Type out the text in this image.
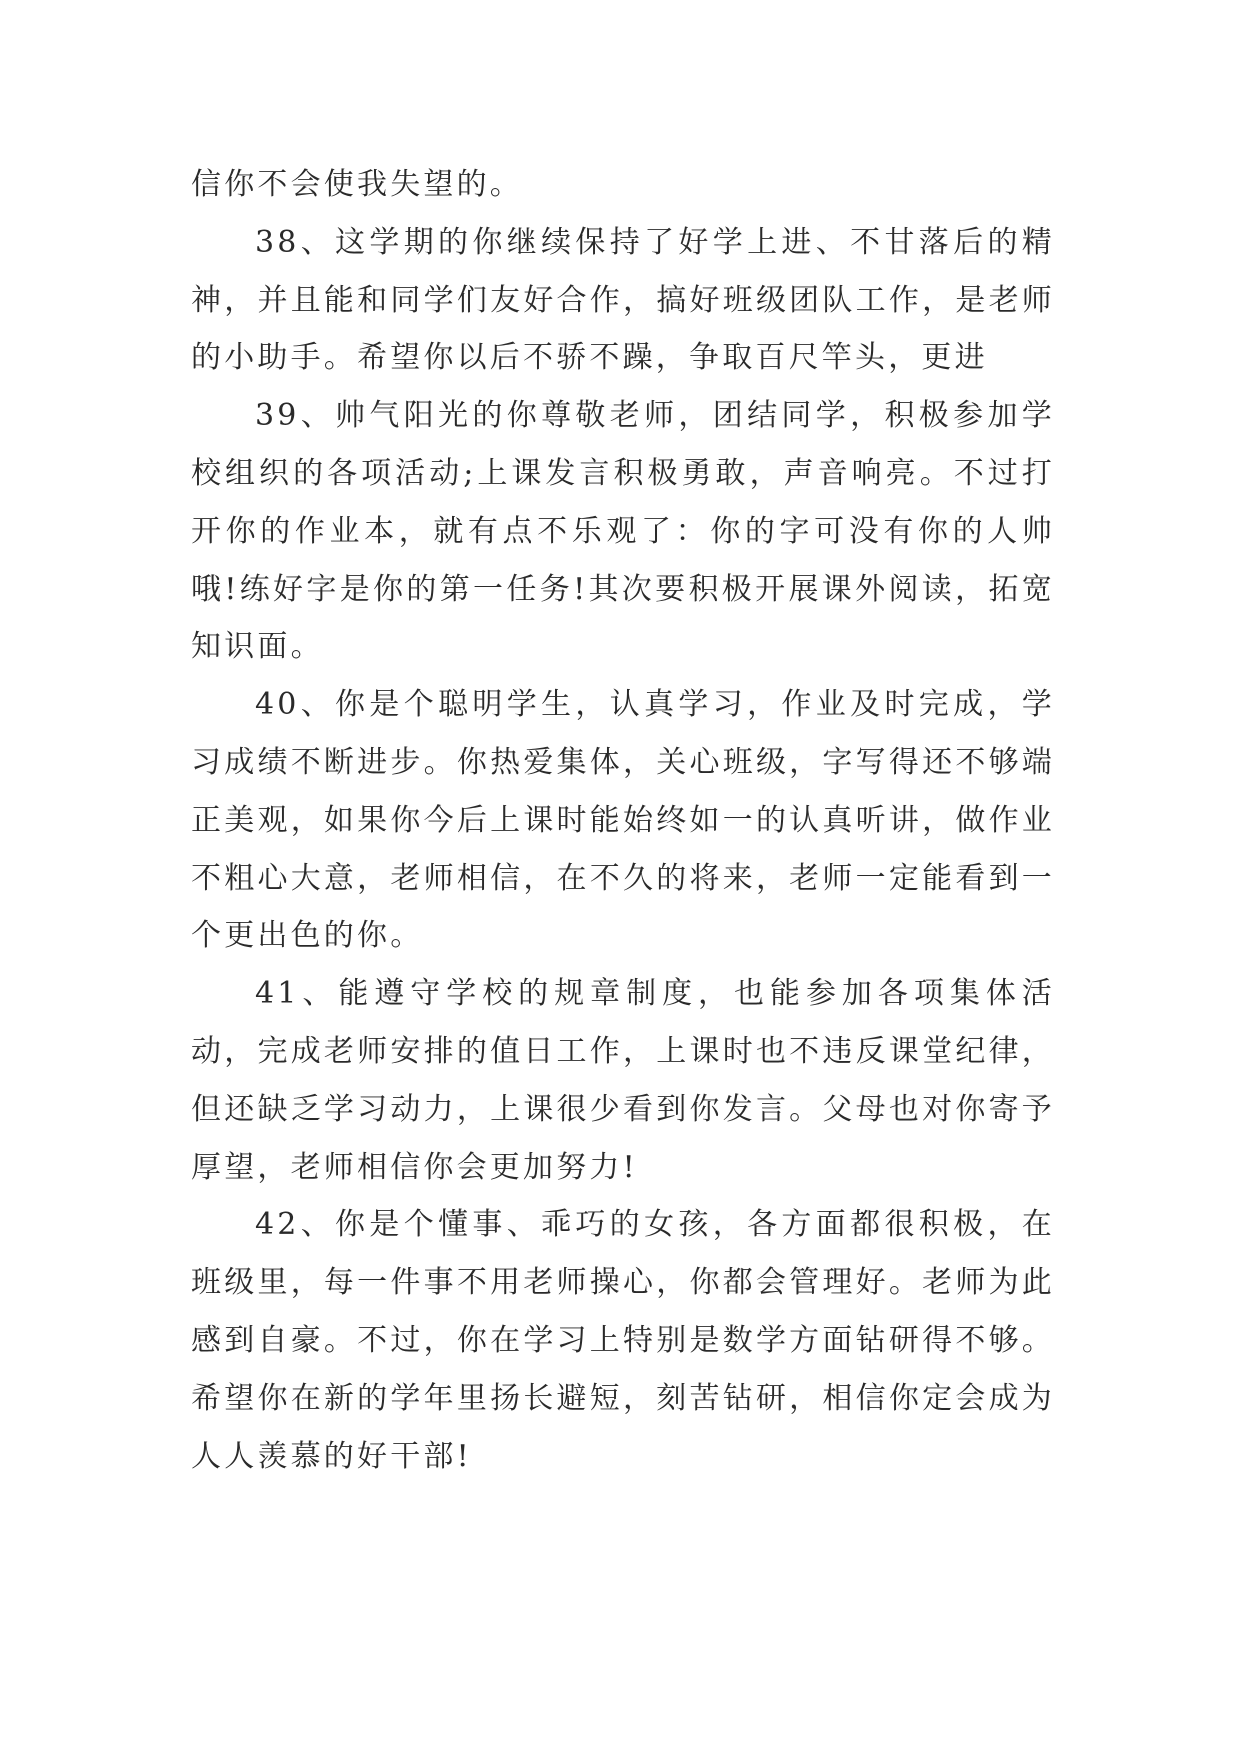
信你不会使我失望的。

38、这学期的你继续保持了好学上进、不甘落后的精神，并且能和同学们友好合作，搞好班级团队工作，是老师的小助手。希望你以后不骄不躁，争取百尺竿头，更进

39、帅气阳光的你尊敬老师，团结同学，积极参加学校组织的各项活动;上课发言积极勇敢，声音响亮。不过打开你的作业本，就有点不乐观了：你的字可没有你的人帅哦!练好字是你的第一任务!其次要积极开展课外阅读，拓宽知识面。

40、你是个聪明学生，认真学习，作业及时完成，学习成绩不断进步。你热爱集体，关心班级，字写得还不够端正美观，如果你今后上课时能始终如一的认真听讲，做作业不粗心大意，老师相信，在不久的将来，老师一定能看到一个更出色的你。

41、能遵守学校的规章制度，也能参加各项集体活动，完成老师安排的值日工作，上课时也不违反课堂纪律，但还缺乏学习动力，上课很少看到你发言。父母也对你寄予厚望，老师相信你会更加努力!

42、你是个懂事、乖巧的女孩，各方面都很积极，在班级里，每一件事不用老师操心，你都会管理好。老师为此感到自豪。不过，你在学习上特别是数学方面钻研得不够。希望你在新的学年里扬长避短，刻苦钻研，相信你定会成为人人羡慕的好干部!
